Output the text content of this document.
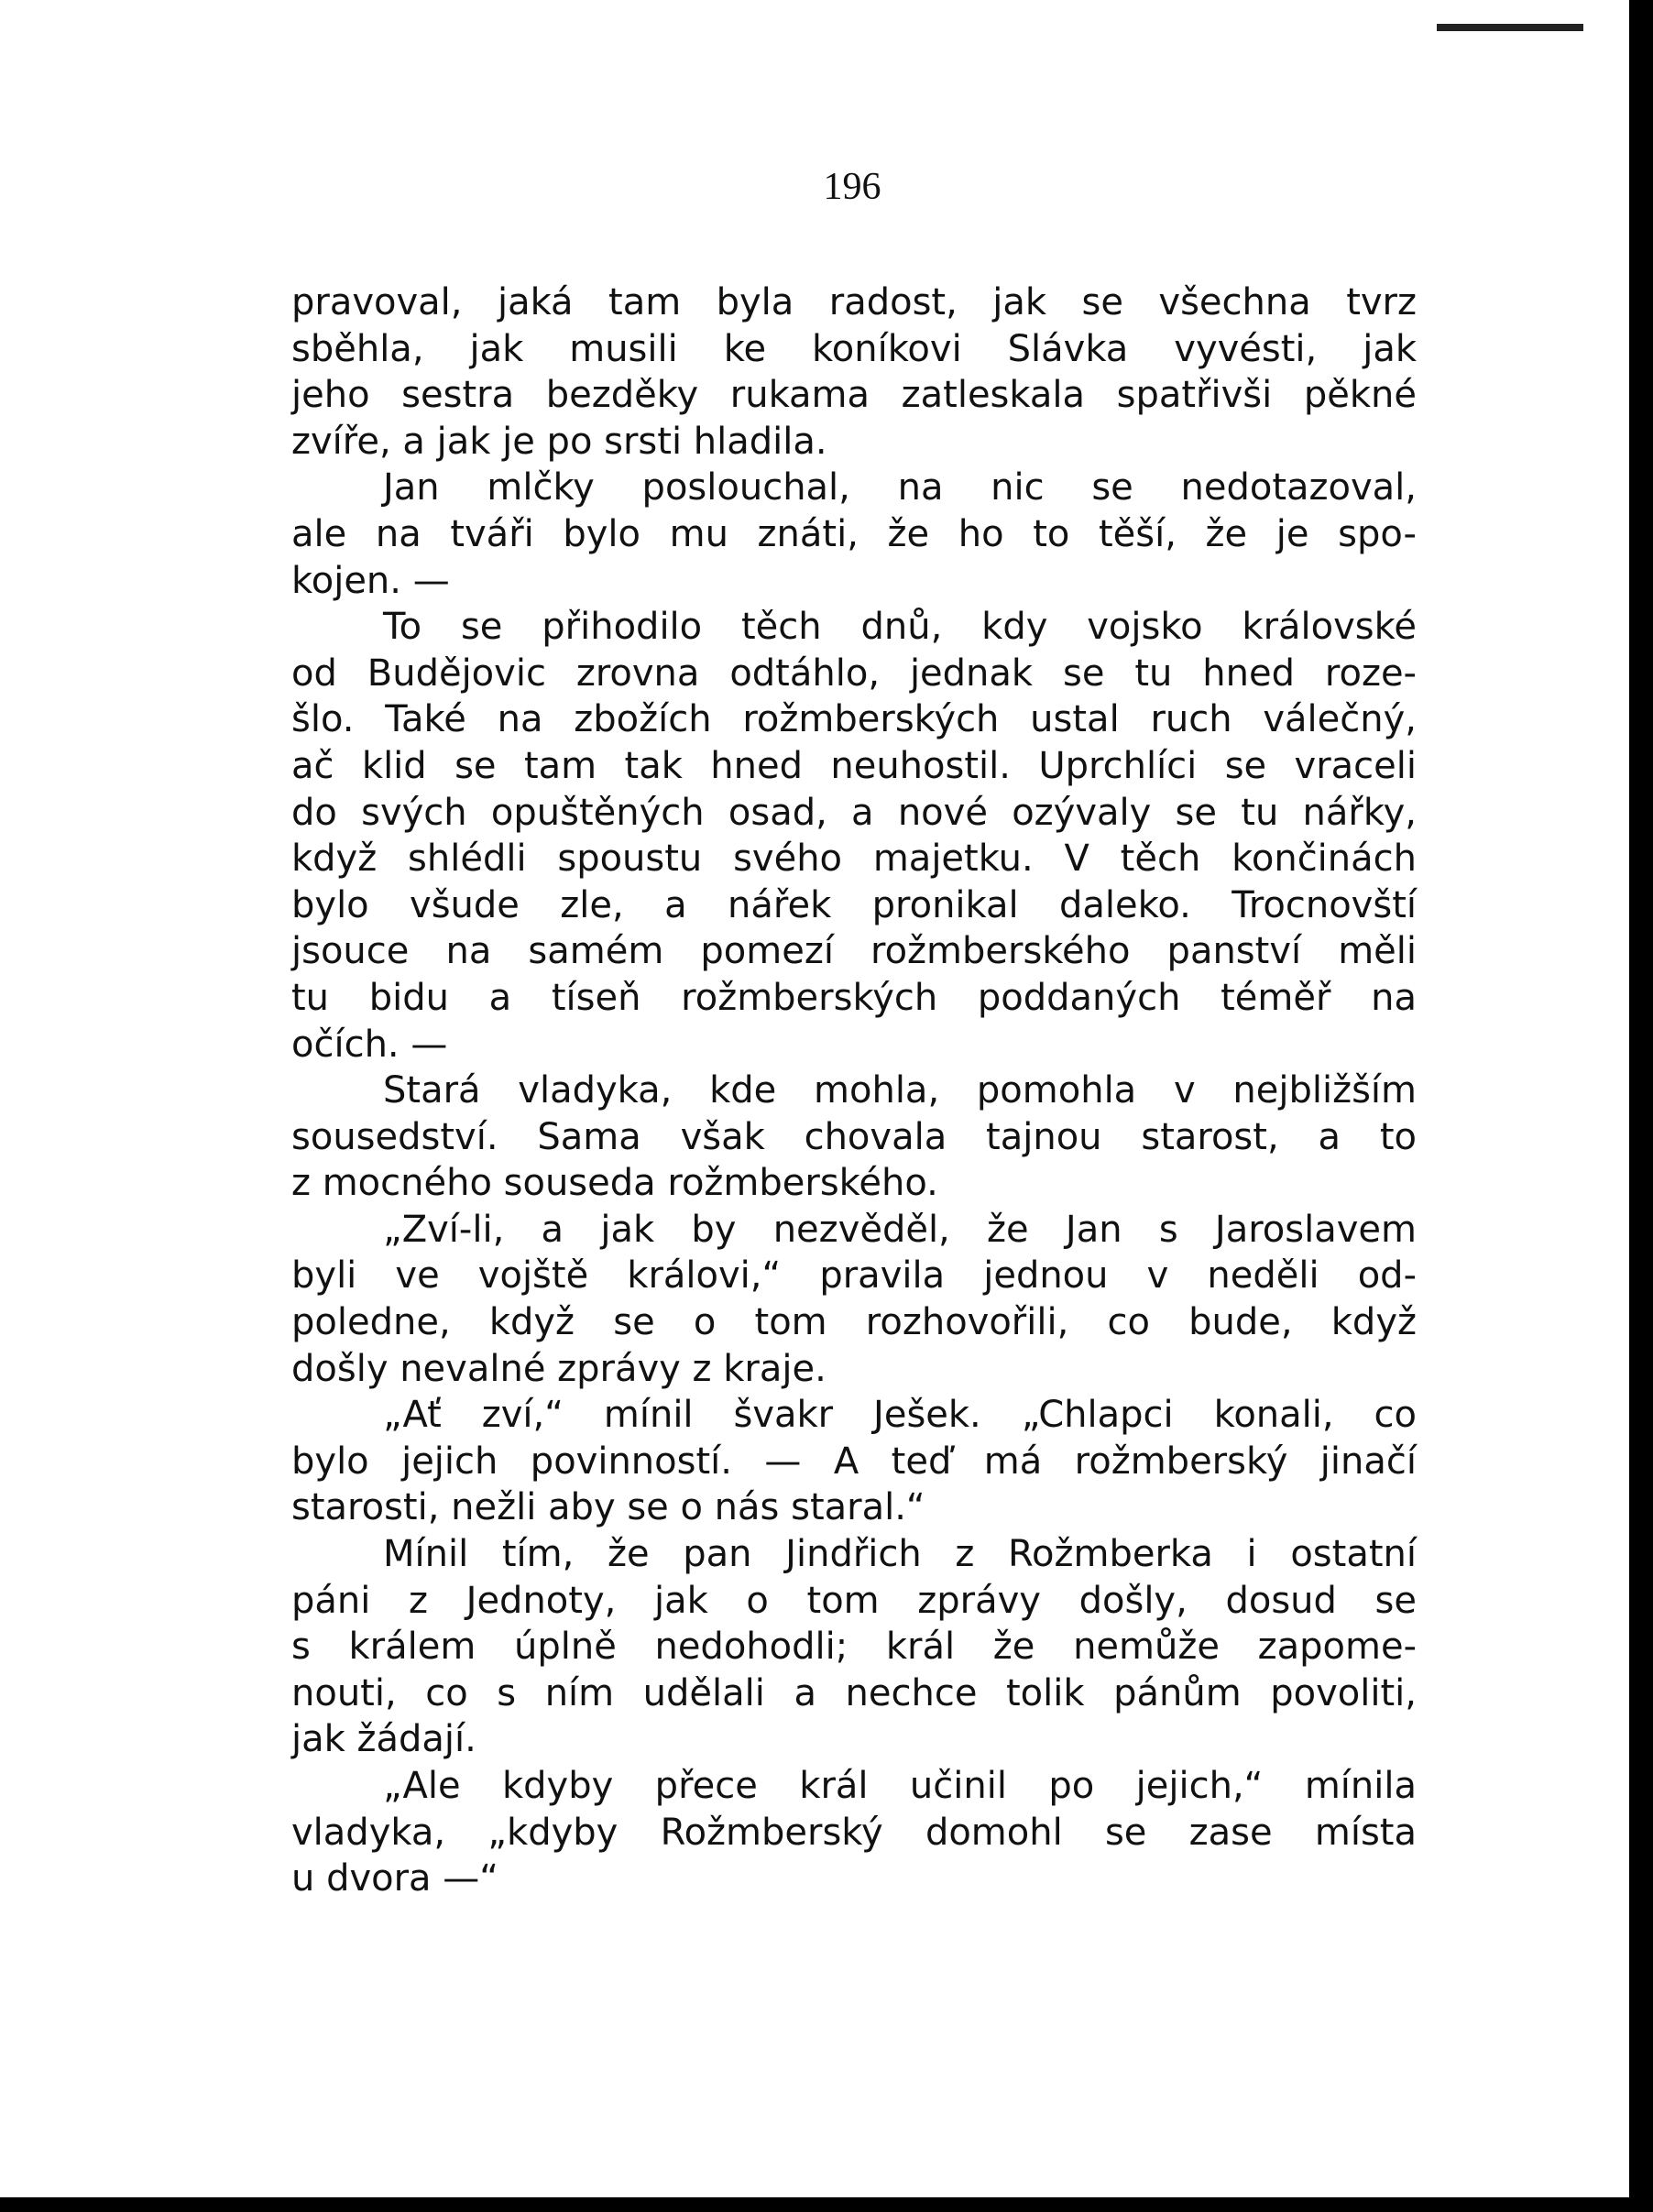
196
pravoval, jaká tam byla radost, jak se všechna tvrz
sběhla, jak musili ke koníkovi Slávka vyvésti, jak
jeho sestra bezděky rukama zatleskala spatřivši pěkné
zvíře, a jak je po srsti hladila.
Jan mlčky poslouchal, na nic se nedotazoval,
ale na tváři bylo mu znáti, že ho to těší, že je spo-
kojen. —
To se přihodilo těch dnů, kdy vojsko královské
od Budějovic zrovna odtáhlo, jednak se tu hned roze-
šlo. Také na zbožích rožmberských ustal ruch válečný,
ač klid se tam tak hned neuhostil. Uprchlíci se vraceli
do svých opuštěných osad, a nové ozývaly se tu nářky,
když shlédli spoustu svého majetku. V těch končinách
bylo všude zle, a nářek pronikal daleko. Trocnovští
jsouce na samém pomezí rožmberského panství měli
tu bidu a tíseň rožmberských poddaných téměř na
očích. —
Stará vladyka, kde mohla, pomohla v nejbližším
sousedství. Sama však chovala tajnou starost, a to
z mocného souseda rožmberského.
„Zví-li, a jak by nezvěděl, že Jan s Jaroslavem
byli ve vojště královi,“ pravila jednou v neděli od-
poledne, když se o tom rozhovořili, co bude, když
došly nevalné zprávy z kraje.
„Ať zví,“ mínil švakr Ješek. „Chlapci konali, co
bylo jejich povinností. — A teď má rožmberský jinačí
starosti, nežli aby se o nás staral.“
Mínil tím, že pan Jindřich z Rožmberka i ostatní
páni z Jednoty, jak o tom zprávy došly, dosud se
s králem úplně nedohodli; král že nemůže zapome-
nouti, co s ním udělali a nechce tolik pánům povoliti,
jak žádají.
„Ale kdyby přece král učinil po jejich,“ mínila
vladyka, „kdyby Rožmberský domohl se zase místa
u dvora —“
